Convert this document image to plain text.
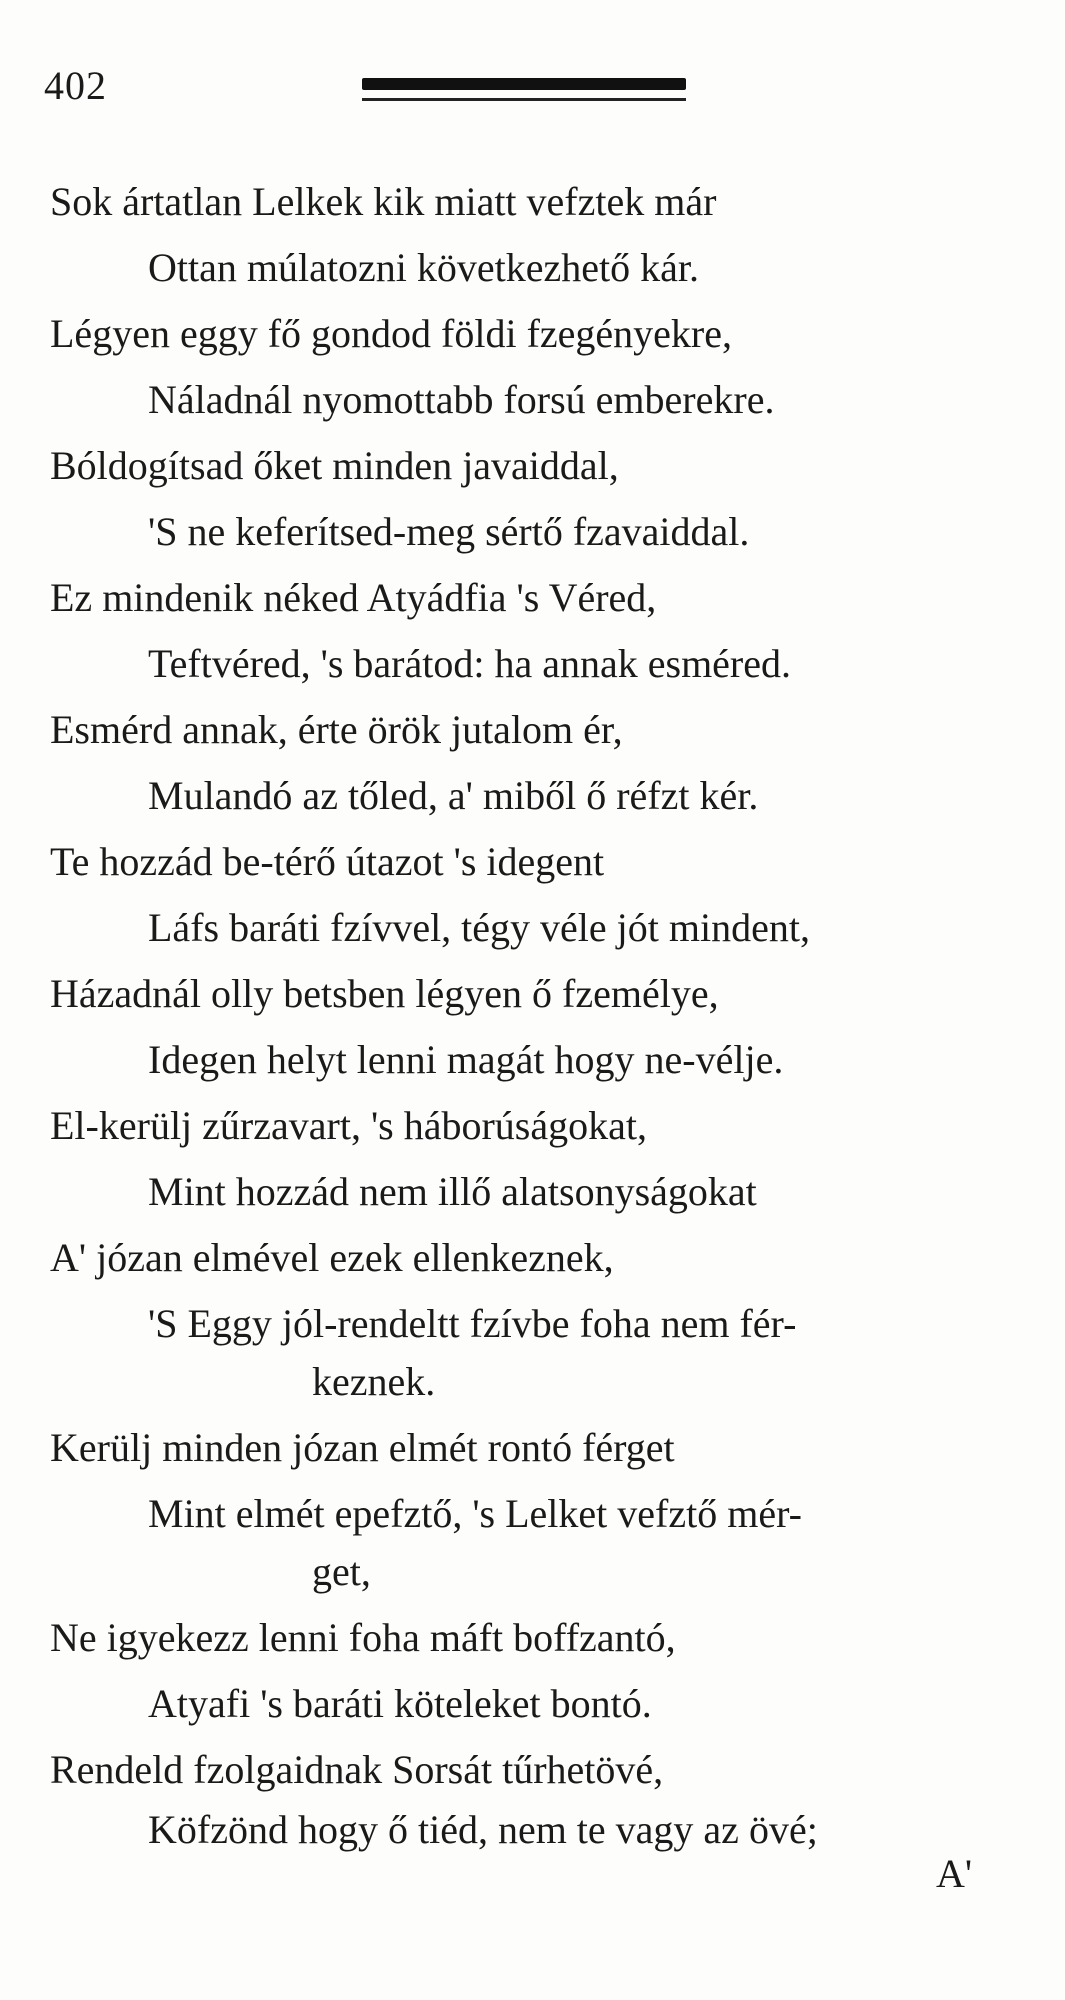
402
Sok ártatlan Lelkek kik miatt vefztek már
Ottan múlatozni következhető kár.
Légyen eggy fő gondod földi fzegényekre,
Náladnál nyomottabb forsú emberekre.
Bóldogítsad őket minden javaiddal,
'S ne keferítsed-meg sértő fzavaiddal.
Ez mindenik néked Atyádfia 's Véred,
Teftvéred, 's barátod: ha annak esméred.
Esmérd annak, érte örök jutalom ér,
Mulandó az tőled, a' miből ő réfzt kér.
Te hozzád be-térő útazot 's idegent
Láfs baráti fzívvel, tégy véle jót mindent,
Házadnál olly betsben légyen ő fzemélye,
Idegen helyt lenni magát hogy ne-vélje.
El-kerülj zűrzavart, 's háborúságokat,
Mint hozzád nem illő alatsonyságokat
A' józan elmével ezek ellenkeznek,
'S Eggy jól-rendeltt fzívbe foha nem fér-
keznek.
Kerülj minden józan elmét rontó férget
Mint elmét epefztő, 's Lelket vefztő mér-
get,
Ne igyekezz lenni foha máft boffzantó,
Atyafi 's baráti köteleket bontó.
Rendeld fzolgaidnak Sorsát tűrhetövé,
Köfzönd hogy ő tiéd, nem te vagy az övé;
A'
